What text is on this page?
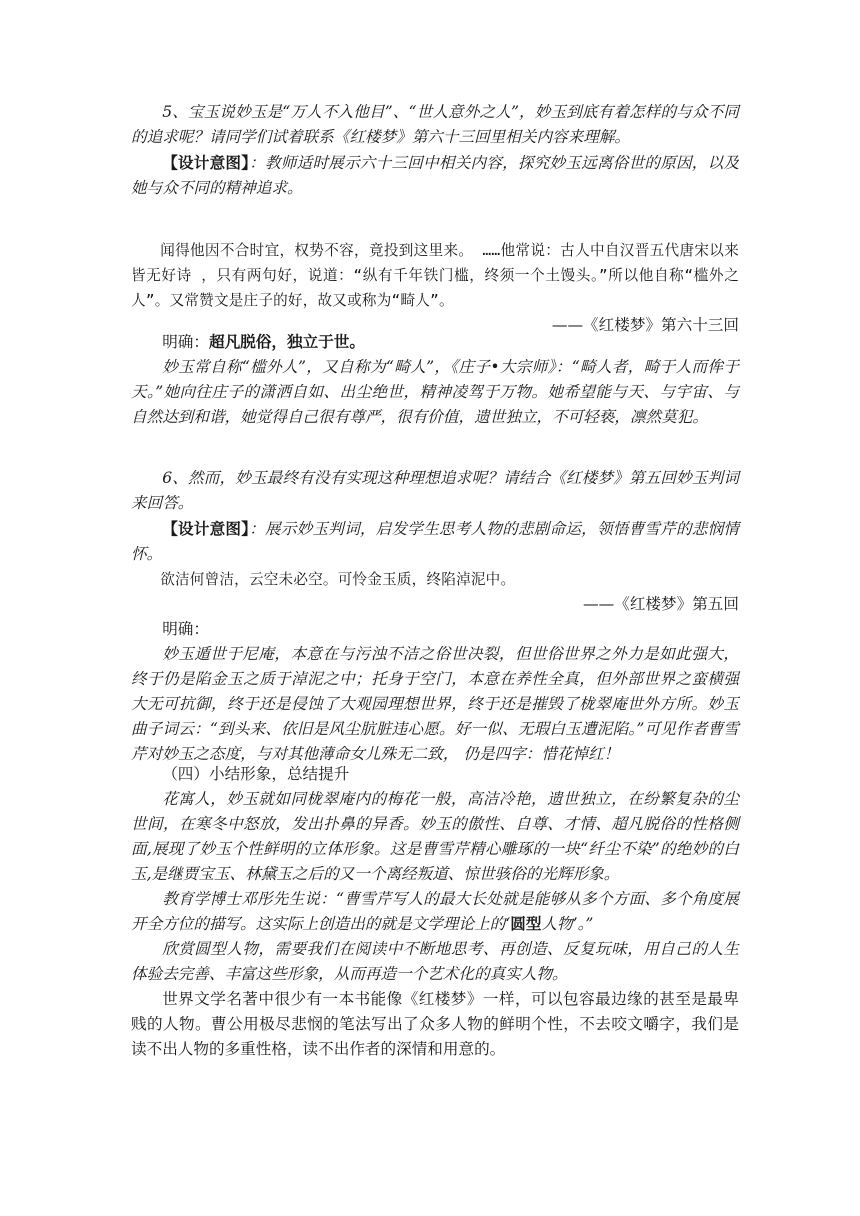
5、宝玉说妙玉是“万人不入他目”、“世人意外之人”，妙玉到底有着怎样的与众不同的追求呢？请同学们试着联系《红楼梦》第六十三回里相关内容来理解。

【设计意图】：教师适时展示六十三回中相关内容，探究妙玉远离俗世的原因，以及她与众不同的精神追求。

闻得他因不合时宜，权势不容，竟投到这里来。 ……他常说：古人中自汉晋五代唐宋以来皆无好诗 ，只有两句好，说道：“纵有千年铁门槛，终须一个土馒头。”所以他自称“槛外之人”。又常赞文是庄子的好，故又或称为“畸人”。

——《红楼梦》第六十三回

明确：超凡脱俗，独立于世。

妙玉常自称“槛外人”，又自称为“畸人”，《庄子•大宗师》：“畸人者，畸于人而侔于天。”她向往庄子的潇洒自如、出尘绝世，精神凌驾于万物。她希望能与天、与宇宙、与自然达到和谐，她觉得自己很有尊严，很有价值，遗世独立，不可轻亵，凛然莫犯。

6、然而，妙玉最终有没有实现这种理想追求呢？请结合《红楼梦》第五回妙玉判词来回答。

【设计意图】：展示妙玉判词，启发学生思考人物的悲剧命运，领悟曹雪芹的悲悯情怀。

欲洁何曾洁，云空未必空。可怜金玉质，终陷淖泥中。

——《红楼梦》第五回

明确：

妙玉遁世于尼庵，本意在与污浊不洁之俗世决裂，但世俗世界之外力是如此强大，终于仍是陷金玉之质于淖泥之中；托身于空门，本意在养性全真，但外部世界之蛮横强大无可抗御，终于还是侵蚀了大观园理想世界，终于还是摧毁了栊翠庵世外方所。妙玉曲子词云：“到头来、依旧是风尘肮脏违心愿。好一似、无瑕白玉遭泥陷。”可见作者曹雪芹对妙玉之态度，与对其他薄命女儿殊无二致， 仍是四字：惜花悼红！

（四）小结形象，总结提升

花寓人，妙玉就如同栊翠庵内的梅花一般，高洁冷艳，遗世独立，在纷繁复杂的尘世间，在寒冬中怒放，发出扑鼻的异香。妙玉的傲性、自尊、才情、超凡脱俗的性格侧面,展现了妙玉个性鲜明的立体形象。这是曹雪芹精心雕琢的一块“纤尘不染”的绝妙的白玉,是继贾宝玉、林黛玉之后的又一个离经叛道、惊世骇俗的光辉形象。

教育学博士邓彤先生说：“曹雪芹写人的最大长处就是能够从多个方面、多个角度展开全方位的描写。这实际上创造出的就是文学理论上的‘圆型人物’。”

欣赏圆型人物，需要我们在阅读中不断地思考、再创造、反复玩味，用自己的人生体验去完善、丰富这些形象，从而再造一个艺术化的真实人物。

世界文学名著中很少有一本书能像《红楼梦》一样，可以包容最边缘的甚至是最卑贱的人物。曹公用极尽悲悯的笔法写出了众多人物的鲜明个性，不去咬文嚼字，我们是读不出人物的多重性格，读不出作者的深情和用意的。
